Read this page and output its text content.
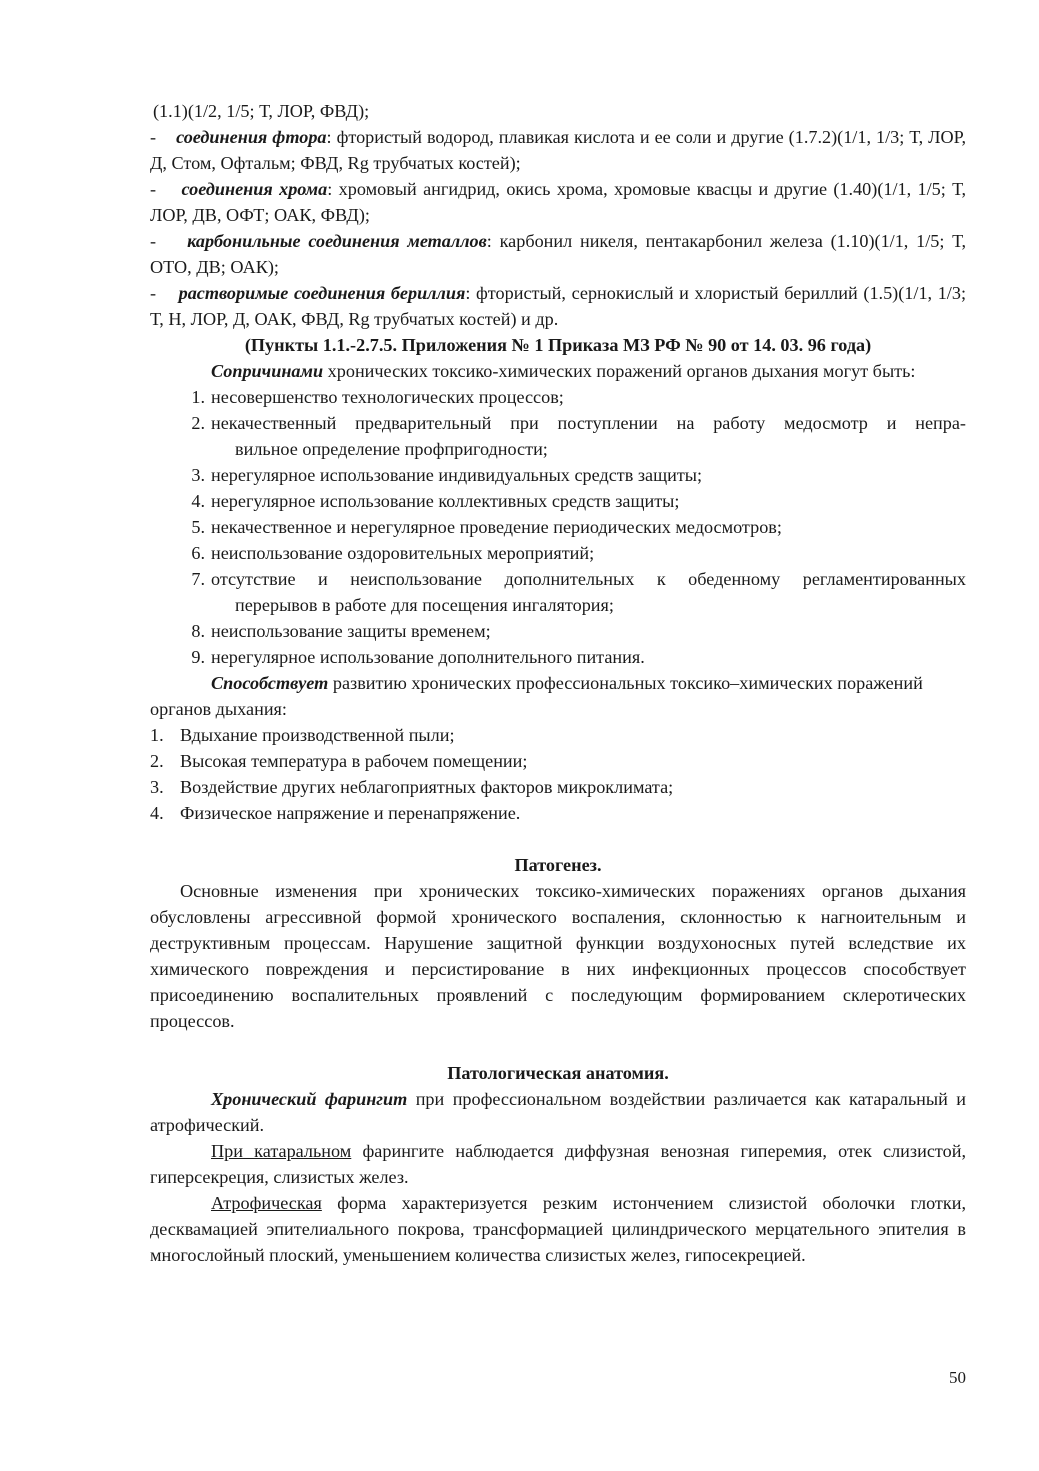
(1.1)(1/2, 1/5; Т, ЛОР, ФВД);

- соединения фтора: фтористый водород, плавикая кислота и ее соли и другие (1.7.2)(1/1, 1/3; Т, ЛОР, Д, Стом, Офтальм; ФВД, Rg трубчатых костей);

- соединения хрома: хромовый ангидрид, окись хрома, хромовые квасцы и другие (1.40)(1/1, 1/5; Т, ЛОР, ДВ, ОФТ; ОАК, ФВД);

- карбонильные соединения металлов: карбонил никеля, пентакарбонил железа (1.10)(1/1, 1/5; Т, ОТО, ДВ; ОАК);

- растворимые соединения бериллия: фтористый, сернокислый и хлористый бериллий (1.5)(1/1, 1/3; Т, Н, ЛОР, Д, ОАК, ФВД, Rg трубчатых костей) и др.

(Пункты 1.1.-2.7.5. Приложения № 1 Приказа МЗ РФ № 90 от 14. 03. 96 года)

Сопричинами хронических токсико-химических поражений органов дыхания могут быть:

1. несовершенство технологических процессов;

2. некачественный предварительный при поступлении на работу медосмотр и непра-
вильное определение профпригодности;

3. нерегулярное использование индивидуальных средств защиты;

4. нерегулярное использование коллективных средств защиты;

5. некачественное и нерегулярное проведение периодических медосмотров;

6. неиспользование оздоровительных мероприятий;

7. отсутствие и неиспользование дополнительных к обеденному регламентированных
перерывов в работе для посещения ингалятория;

8. неиспользование защиты временем;

9. нерегулярное использование дополнительного питания.

Способствует развитию хронических профессиональных токсико–химических поражений органов дыхания:

1. Вдыхание производственной пыли;

2. Высокая температура в рабочем помещении;

3. Воздействие других неблагоприятных факторов микроклимата;

4. Физическое напряжение и перенапряжение.

Патогенез.

Основные изменения при хронических токсико-химических поражениях органов дыхания обусловлены агрессивной формой хронического воспаления, склонностью к нагноительным и деструктивным процессам. Нарушение защитной функции воздухоносных путей вследствие их химического повреждения и персистирование в них инфекционных процессов способствует присоединению воспалительных проявлений с последующим формированием склеротических процессов.

Патологическая анатомия.

Хронический фарингит при профессиональном воздействии различается как катаральный и атрофический.

При катаральном фарингите наблюдается диффузная венозная гиперемия, отек слизистой, гиперсекреция, слизистых желез.

Атрофическая форма характеризуется резким истончением слизистой оболочки глотки, десквамацией эпителиального покрова, трансформацией цилиндрического мерцательного эпителия в многослойный плоский, уменьшением количества слизистых желез, гипосекрецией.

50
